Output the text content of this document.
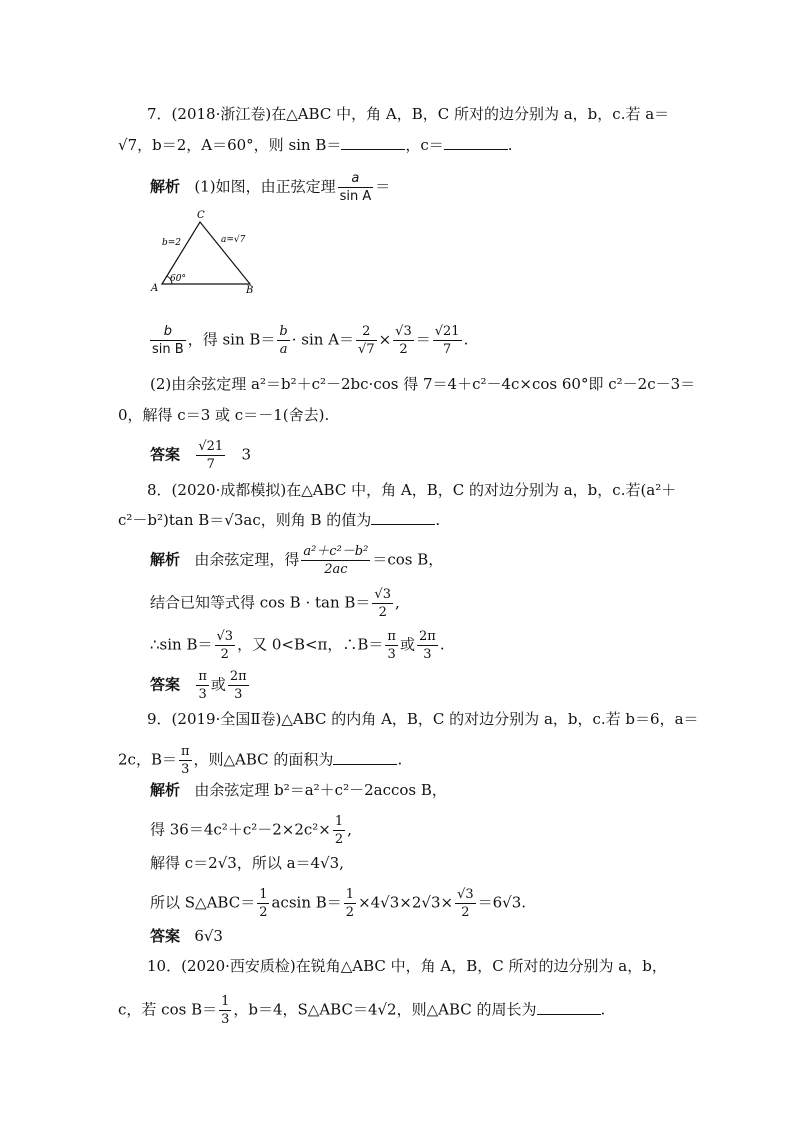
7．(2018·浙江卷)在△ABC 中，角 A，B，C 所对的边分别为 a，b，c.若 a＝
√7，b＝2，A＝60°，则 sin B＝	，c＝	.
解析 (1)如图，由正弦定理 $\frac{a}{\text{sin A}}$ ＝
C
A	B
b=2	a=√7
60°
$\frac{b}{\text{sin B}}$ ，得 $\sin B= \frac{b}{a} \cdot \sin A= \frac{2}{√7} \times \frac{√3}{2} = \frac{√21}{7}$ .
(2)由余弦定理 a²＝b²＋c²－2bc·cos 得 7＝4＋c²－4c×cos 60°即 c²－2c－3＝
0，解得 c＝3 或 c＝－1(舍去).
答案 $\frac{√21}{7} 3$
8．(2020·成都模拟)在△ABC 中，角 A，B，C 的对边分别为 a，b，c.若(a²＋
c²－b²)tan B＝√3ac，则角 B 的值为	.
解析 由余弦定理，得 $\frac{\text{a²＋c²－b²}}{2ac} =\cos$ B，
结合已知等式得 $\cos B \cdot \tan B= \frac{√3}{2}$ ,
∴sin $B= \frac{√3}{2}$ ，又 0<B<π，∴B＝ $\frac{\pi}{3}$ 或 $\frac{2\pi}{3}$ .
答案 $\frac{\pi}{3}$ 或 $\frac{2\pi}{3}$
9．(2019·全国Ⅱ卷)△ABC 的内角 A，B，C 的对边分别为 a，b，c.若 b＝6，a＝
2c，$B= \frac{\pi}{3}$ ，则△ABC 的面积为	.
解析 由余弦定理 b²＝a²＋c²－2accos B，
得 $36=4c^2+c^2-2\times 2c^2\times \frac{1}{2}$ ,
解得 c＝2√3，所以 a＝4√3,
所以 S△ABC＝ $\frac{1}{2}$ acsin $B= \frac{1}{2} \times 4√3\times 2√3\times \frac{√3}{2} =6√3$.
答案 6√3
10．(2020·西安质检)在锐角△ABC 中，角 A，B，C 所对的边分别为 a，b，
c，若 $\cos B= \frac{1}{3}$ ，b＝4，S△ABC＝4√2，则△ABC 的周长为	.
